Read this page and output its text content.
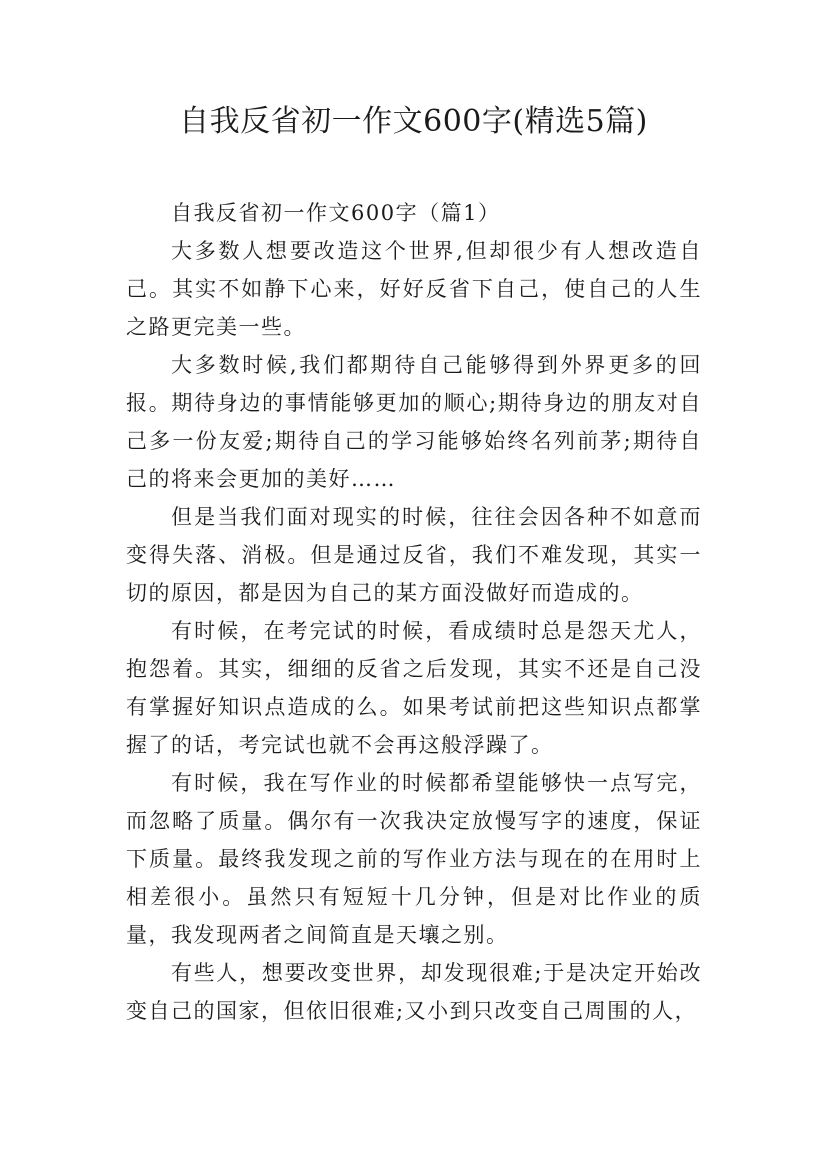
自我反省初一作文600字(精选5篇)

自我反省初一作文600字（篇1）

大多数人想要改造这个世界,但却很少有人想改造自己。其实不如静下心来，好好反省下自己，使自己的人生之路更完美一些。

大多数时候,我们都期待自己能够得到外界更多的回报。期待身边的事情能够更加的顺心;期待身边的朋友对自己多一份友爱;期待自己的学习能够始终名列前茅;期待自己的将来会更加的美好……

但是当我们面对现实的时候，往往会因各种不如意而变得失落、消极。但是通过反省，我们不难发现，其实一切的原因，都是因为自己的某方面没做好而造成的。

有时候，在考完试的时候，看成绩时总是怨天尤人，抱怨着。其实，细细的反省之后发现，其实不还是自己没有掌握好知识点造成的么。如果考试前把这些知识点都掌握了的话，考完试也就不会再这般浮躁了。

有时候，我在写作业的时候都希望能够快一点写完，而忽略了质量。偶尔有一次我决定放慢写字的速度，保证下质量。最终我发现之前的写作业方法与现在的在用时上相差很小。虽然只有短短十几分钟，但是对比作业的质量，我发现两者之间简直是天壤之别。

有些人，想要改变世界，却发现很难;于是决定开始改变自己的国家，但依旧很难;又小到只改变自己周围的人，
